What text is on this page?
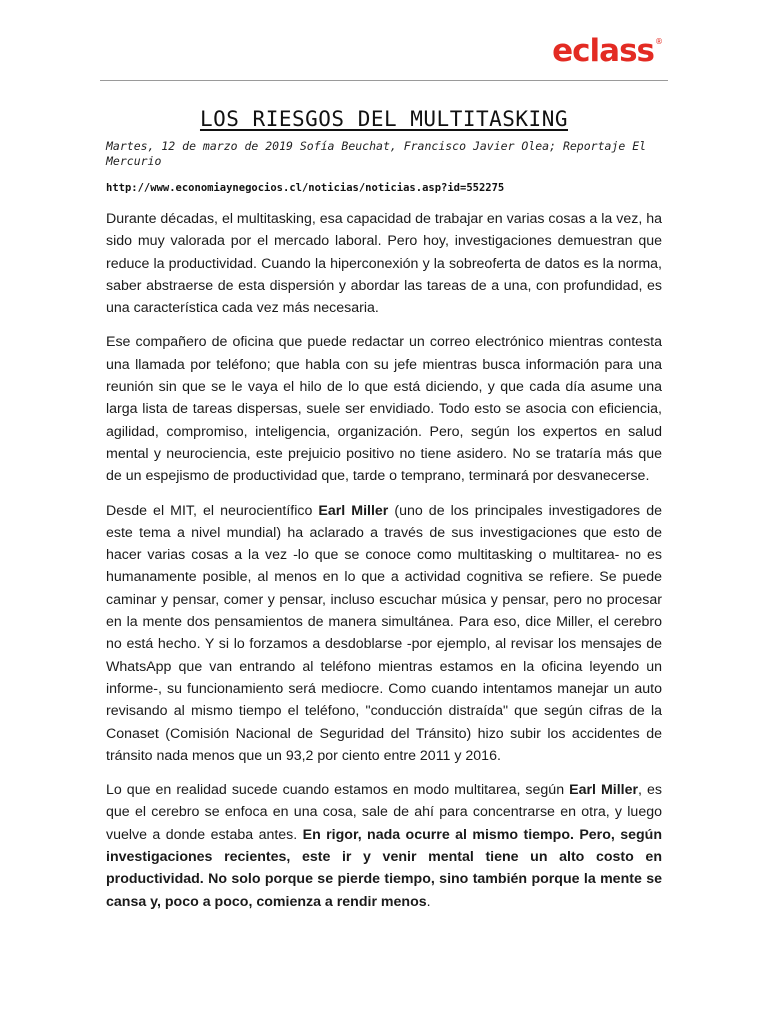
eclass®
LOS RIESGOS DEL MULTITASKING
Martes, 12 de marzo de 2019 Sofía Beuchat, Francisco Javier Olea; Reportaje El Mercurio
http://www.economiaynegocios.cl/noticias/noticias.asp?id=552275

Durante décadas, el multitasking, esa capacidad de trabajar en varias cosas a la vez, ha sido muy valorada por el mercado laboral. Pero hoy, investigaciones demuestran que reduce la productividad. Cuando la hiperconexión y la sobreoferta de datos es la norma, saber abstraerse de esta dispersión y abordar las tareas de a una, con profundidad, es una característica cada vez más necesaria.

Ese compañero de oficina que puede redactar un correo electrónico mientras contesta una llamada por teléfono; que habla con su jefe mientras busca información para una reunión sin que se le vaya el hilo de lo que está diciendo, y que cada día asume una larga lista de tareas dispersas, suele ser envidiado. Todo esto se asocia con eficiencia, agilidad, compromiso, inteligencia, organización. Pero, según los expertos en salud mental y neurociencia, este prejuicio positivo no tiene asidero. No se trataría más que de un espejismo de productividad que, tarde o temprano, terminará por desvanecerse.

Desde el MIT, el neurocientífico Earl Miller (uno de los principales investigadores de este tema a nivel mundial) ha aclarado a través de sus investigaciones que esto de hacer varias cosas a la vez -lo que se conoce como multitasking o multitarea- no es humanamente posible, al menos en lo que a actividad cognitiva se refiere. Se puede caminar y pensar, comer y pensar, incluso escuchar música y pensar, pero no procesar en la mente dos pensamientos de manera simultánea. Para eso, dice Miller, el cerebro no está hecho. Y si lo forzamos a desdoblarse -por ejemplo, al revisar los mensajes de WhatsApp que van entrando al teléfono mientras estamos en la oficina leyendo un informe-, su funcionamiento será mediocre. Como cuando intentamos manejar un auto revisando al mismo tiempo el teléfono, "conducción distraída" que según cifras de la Conaset (Comisión Nacional de Seguridad del Tránsito) hizo subir los accidentes de tránsito nada menos que un 93,2 por ciento entre 2011 y 2016.

Lo que en realidad sucede cuando estamos en modo multitarea, según Earl Miller, es que el cerebro se enfoca en una cosa, sale de ahí para concentrarse en otra, y luego vuelve a donde estaba antes. En rigor, nada ocurre al mismo tiempo. Pero, según investigaciones recientes, este ir y venir mental tiene un alto costo en productividad. No solo porque se pierde tiempo, sino también porque la mente se cansa y, poco a poco, comienza a rendir menos.
